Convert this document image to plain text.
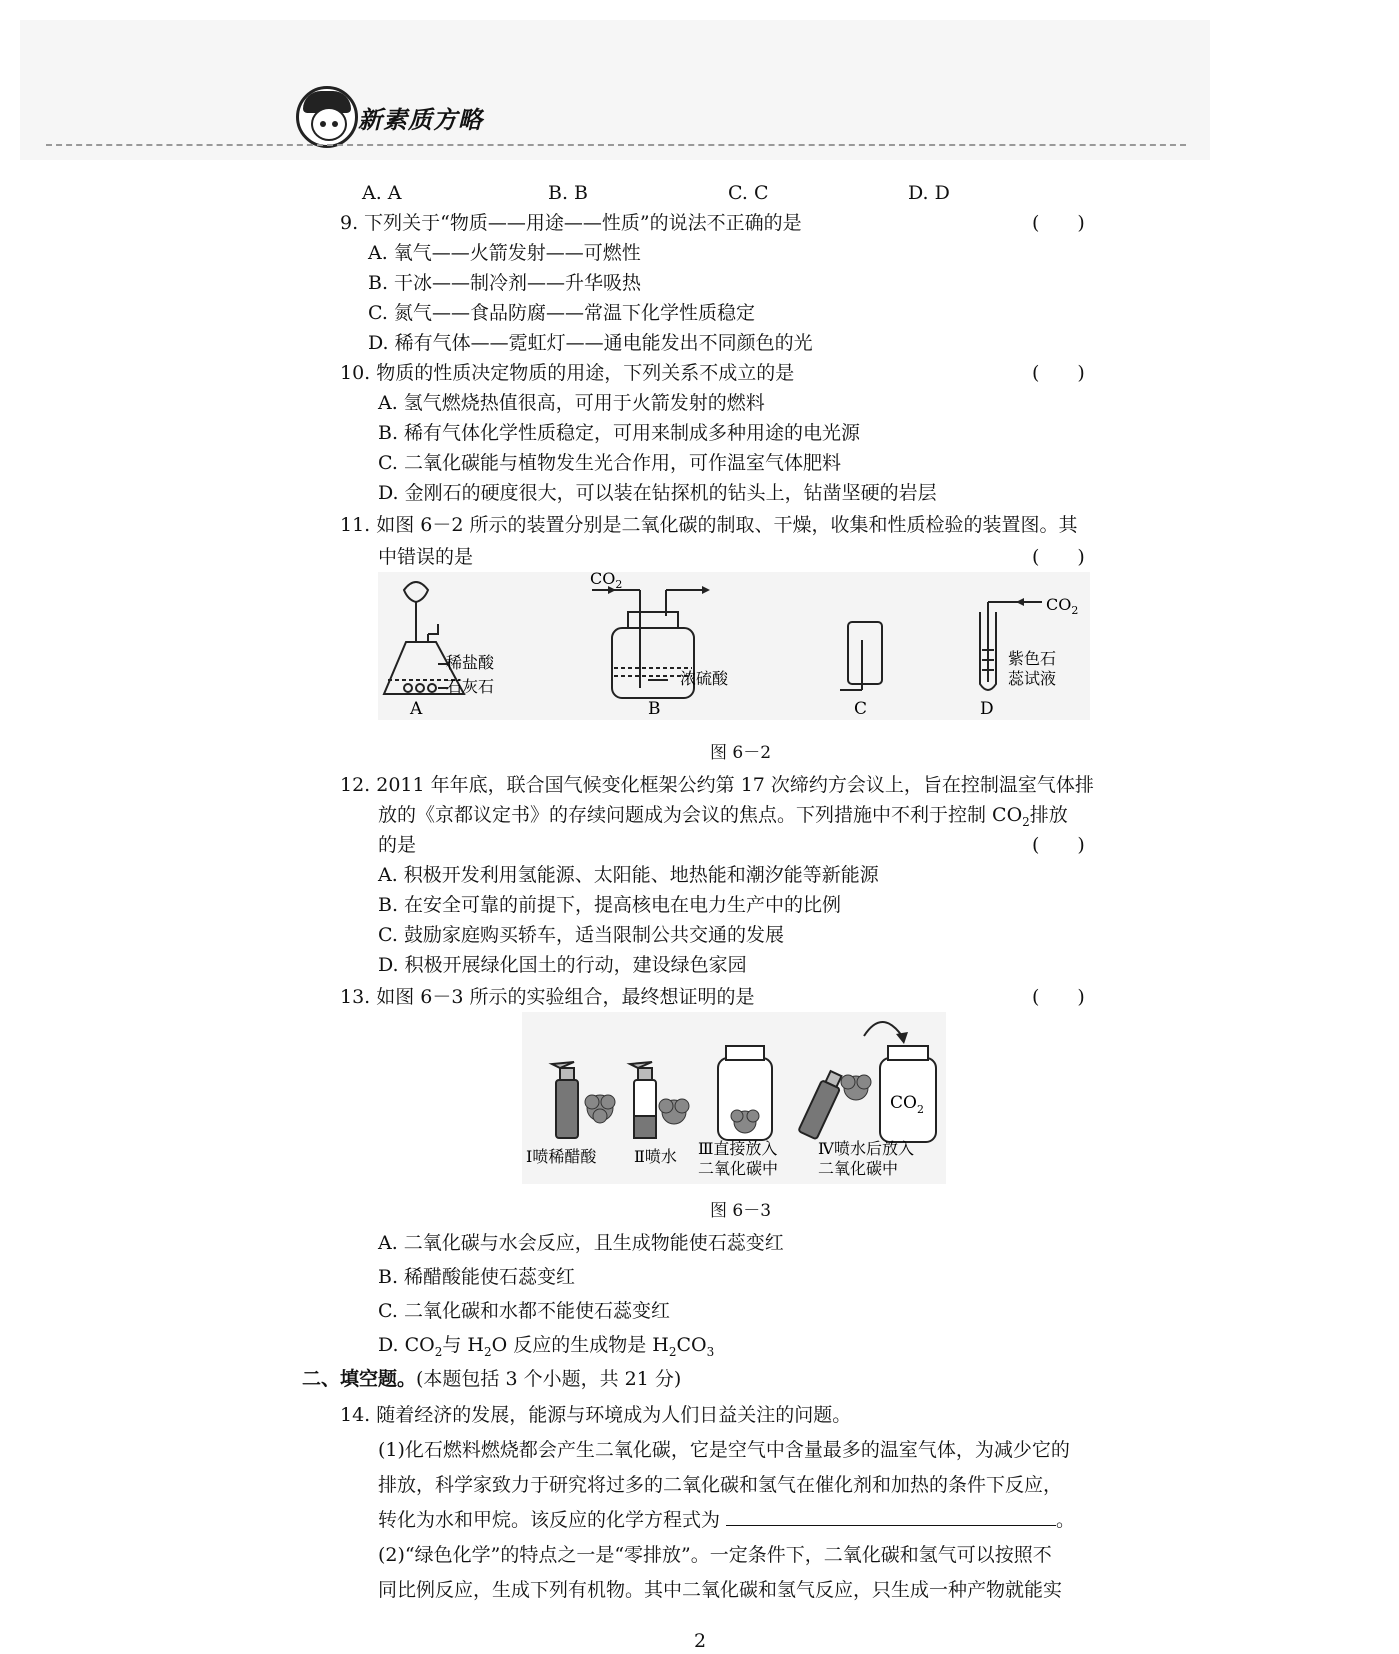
新素质方略
A. A	B. B	C. C	D. D
9. 下列关于“物质——用途——性质”的说法不正确的是	(　　)
A. 氧气——火箭发射——可燃性
B. 干冰——制冷剂——升华吸热
C. 氮气——食品防腐——常温下化学性质稳定
D. 稀有气体——霓虹灯——通电能发出不同颜色的光
10. 物质的性质决定物质的用途，下列关系不成立的是	(　　)
A. 氢气燃烧热值很高，可用于火箭发射的燃料
B. 稀有气体化学性质稳定，可用来制成多种用途的电光源
C. 二氧化碳能与植物发生光合作用，可作温室气体肥料
D. 金刚石的硬度很大，可以装在钻探机的钻头上，钻凿坚硬的岩层
11. 如图 6－2 所示的装置分别是二氧化碳的制取、干燥，收集和性质检验的装置图。其
中错误的是	(　　)
稀盐酸
石灰石
A
$CO_2$
浓硫酸
B	C
$CO_2$
紫色石
蕊试液
D
图 6－2
12. 2011 年年底，联合国气候变化框架公约第 17 次缔约方会议上，旨在控制温室气体排
放的《京都议定书》的存续问题成为会议的焦点。下列措施中不利于控制 $CO_2$排放
的是	(　　)
A. 积极开发利用氢能源、太阳能、地热能和潮汐能等新能源
B. 在安全可靠的前提下，提高核电在电力生产中的比例
C. 鼓励家庭购买轿车，适当限制公共交通的发展
D. 积极开展绿化国土的行动，建设绿色家园
13. 如图 6－3 所示的实验组合，最终想证明的是	(　　)
$CO_2$
Ⅰ喷稀醋酸 Ⅱ喷水 Ⅲ直接放入
二氧化碳中
Ⅳ喷水后放入
二氧化碳中
图 6－3
A. 二氧化碳与水会反应，且生成物能使石蕊变红
B. 稀醋酸能使石蕊变红
C. 二氧化碳和水都不能使石蕊变红
D. $CO_2$与 $H_2O$ 反应的生成物是 $H_2CO_3$
二、填空题。(本题包括 3 个小题，共 21 分)
14. 随着经济的发展，能源与环境成为人们日益关注的问题。
(1)化石燃料燃烧都会产生二氧化碳，它是空气中含量最多的温室气体，为减少它的
排放，科学家致力于研究将过多的二氧化碳和氢气在催化剂和加热的条件下反应，
转化为水和甲烷。该反应的化学方程式为	。
(2)“绿色化学”的特点之一是“零排放”。一定条件下，二氧化碳和氢气可以按照不
同比例反应，生成下列有机物。其中二氧化碳和氢气反应，只生成一种产物就能实
2
